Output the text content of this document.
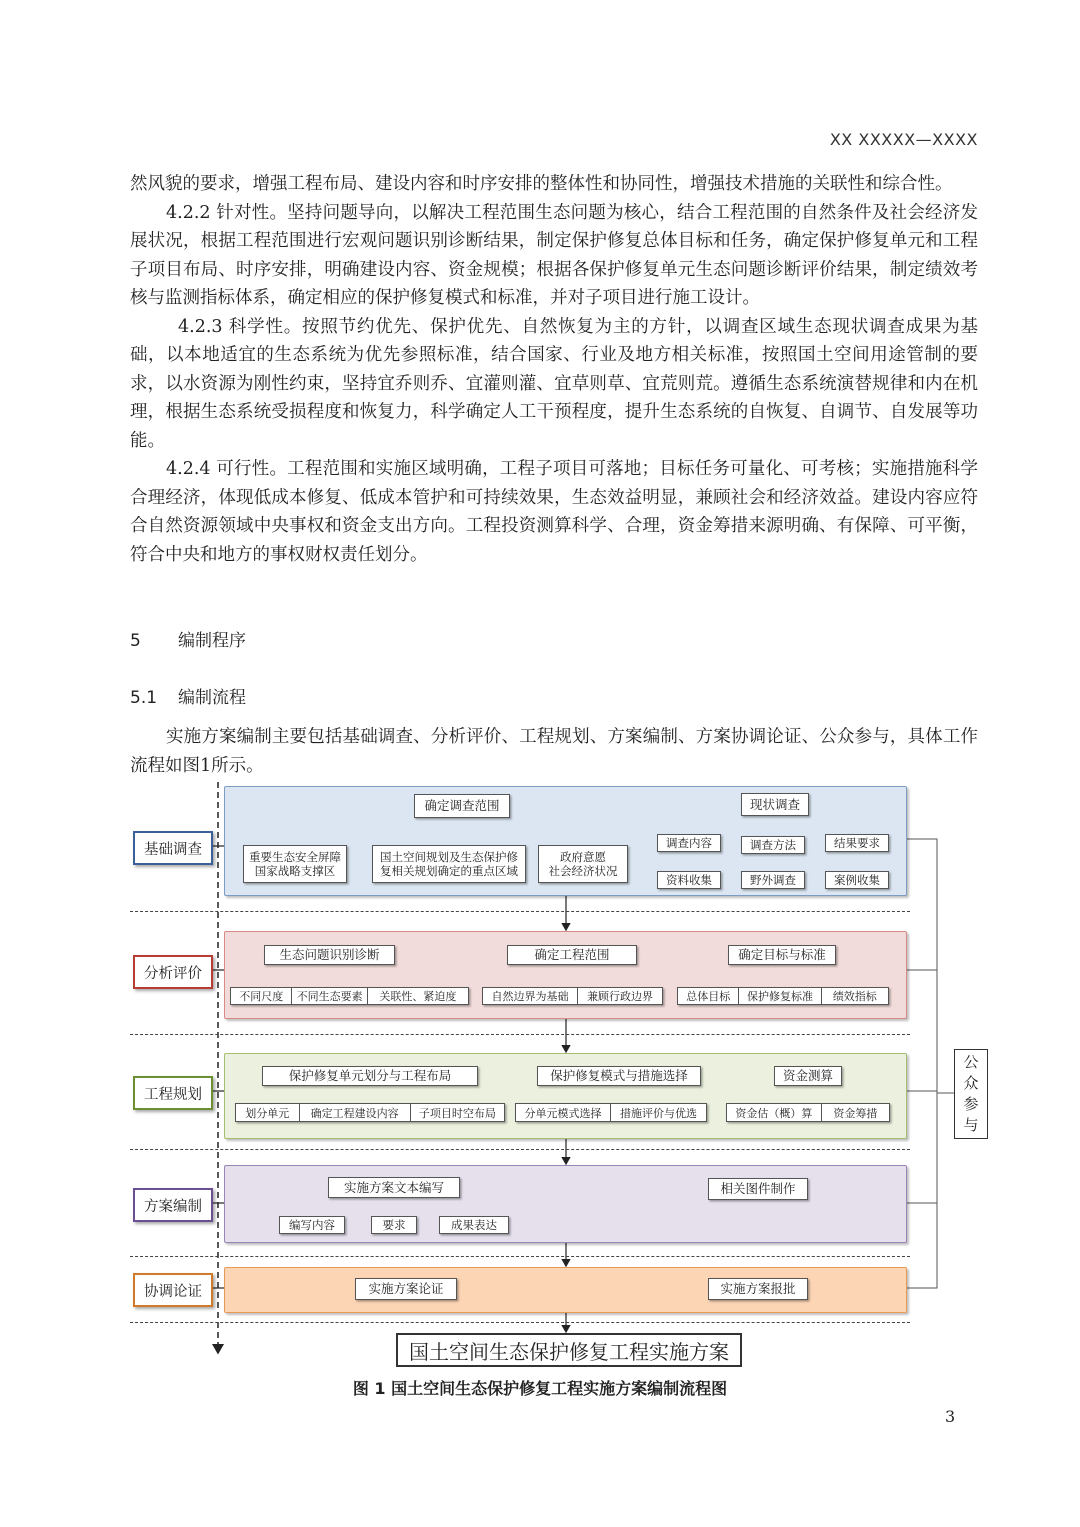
XX XXXXX—XXXX

然风貌的要求，增强工程布局、建设内容和时序安排的整体性和协同性，增强技术措施的关联性和综合性。

4.2.2 针对性。坚持问题导向，以解决工程范围生态问题为核心，结合工程范围的自然条件及社会经济发展状况，根据工程范围进行宏观问题识别诊断结果，制定保护修复总体目标和任务，确定保护修复单元和工程子项目布局、时序安排，明确建设内容、资金规模；根据各保护修复单元生态问题诊断评价结果，制定绩效考核与监测指标体系，确定相应的保护修复模式和标准，并对子项目进行施工设计。

4.2.3 科学性。按照节约优先、保护优先、自然恢复为主的方针，以调查区域生态现状调查成果为基础，以本地适宜的生态系统为优先参照标准，结合国家、行业及地方相关标准，按照国土空间用途管制的要求，以水资源为刚性约束，坚持宜乔则乔、宜灌则灌、宜草则草、宜荒则荒。遵循生态系统演替规律和内在机理，根据生态系统受损程度和恢复力，科学确定人工干预程度，提升生态系统的自恢复、自调节、自发展等功能。

4.2.4 可行性。工程范围和实施区域明确，工程子项目可落地；目标任务可量化、可考核；实施措施科学合理经济，体现低成本修复、低成本管护和可持续效果，生态效益明显，兼顾社会和经济效益。建设内容应符合自然资源领域中央事权和资金支出方向。工程投资测算科学、合理，资金筹措来源明确、有保障、可平衡，符合中央和地方的事权财权责任划分。

5 编制程序
5.1 编制流程
实施方案编制主要包括基础调查、分析评价、工程规划、方案编制、方案协调论证、公众参与，具体工作流程如图1所示。
基础调查
分析评价
工程规划
方案编制
协调论证
确定调查范围
重要生态安全屏障
国家战略支撑区
国土空间规划及生态保护修
复相关规划确定的重点区域
政府意愿
社会经济状况
现状调查
调查内容	调查方法	结果要求
资料收集	野外调查	案例收集
生态问题识别诊断	确定工程范围	确定目标与标准
不同尺度	不同生态要素	关联性、紧迫度	自然边界为基础	兼顾行政边界	总体目标	保护修复标准	绩效指标
保护修复单元划分与工程布局	保护修复模式与措施选择	资金测算
划分单元	确定工程建设内容	子项目时空布局	分单元模式选择	措施评价与优选	资金估（概）算	资金筹措
实施方案文本编写
编写内容	要求	成果表达
相关图件制作
实施方案论证	实施方案报批
公
众
参
与
国土空间生态保护修复工程实施方案
图 1 国土空间生态保护修复工程实施方案编制流程图
3
